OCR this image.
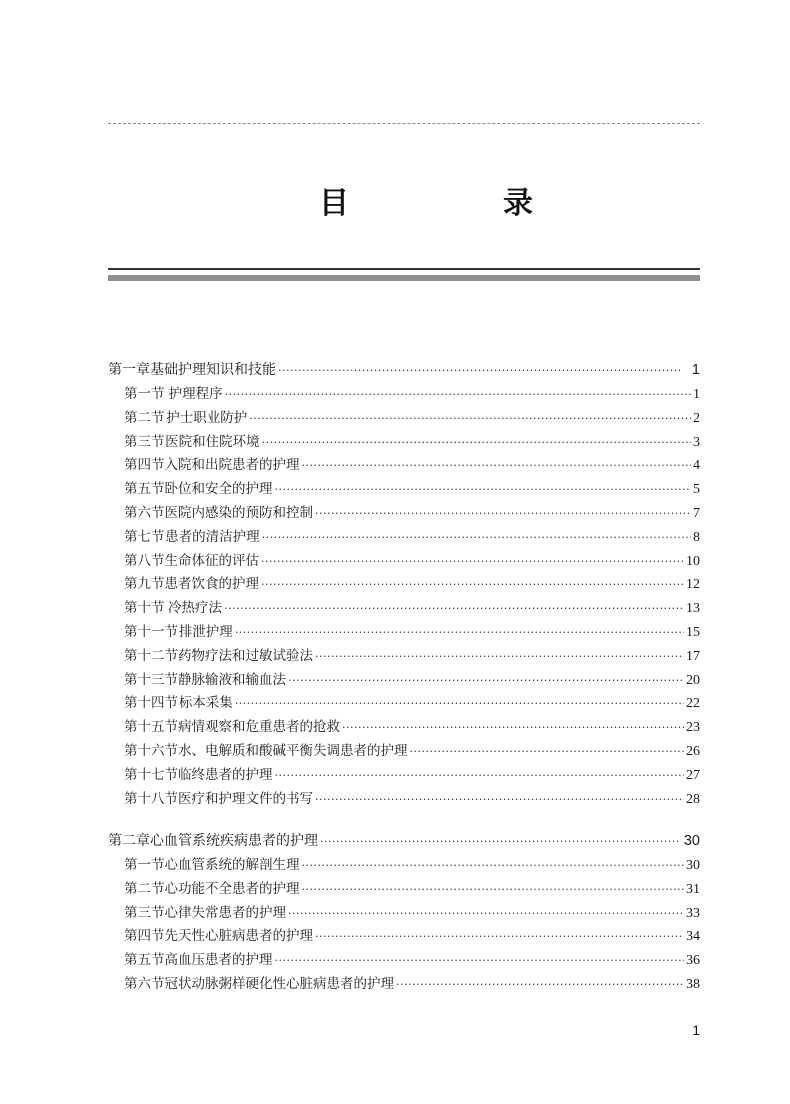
目　录
第一章 基础护理知识和技能 ·····	1
第一节 护理程序 ·····	1
第二节 护士职业防护 ·····	2
第三节 医院和住院环境 ·····	3
第四节 入院和出院患者的护理 ·····	4
第五节 卧位和安全的护理 ·····	5
第六节 医院内感染的预防和控制 ·····	7
第七节 患者的清洁护理 ·····	8
第八节 生命体征的评估 ·····	10
第九节 患者饮食的护理 ·····	12
第十节 冷热疗法 ·····	13
第十一节 排泄护理 ·····	15
第十二节 药物疗法和过敏试验法 ·····	17
第十三节 静脉输液和输血法 ·····	20
第十四节 标本采集 ·····	22
第十五节 病情观察和危重患者的抢救 ·····	23
第十六节 水、电解质和酸碱平衡失调患者的护理 ·····	26
第十七节 临终患者的护理 ·····	27
第十八节 医疗和护理文件的书写 ·····	28
第二章 心血管系统疾病患者的护理 ·····	30
第一节 心血管系统的解剖生理 ·····	30
第二节 心功能不全患者的护理 ·····	31
第三节 心律失常患者的护理 ·····	33
第四节 先天性心脏病患者的护理 ·····	34
第五节 高血压患者的护理 ·····	36
第六节 冠状动脉粥样硬化性心脏病患者的护理 ·····	38
1
